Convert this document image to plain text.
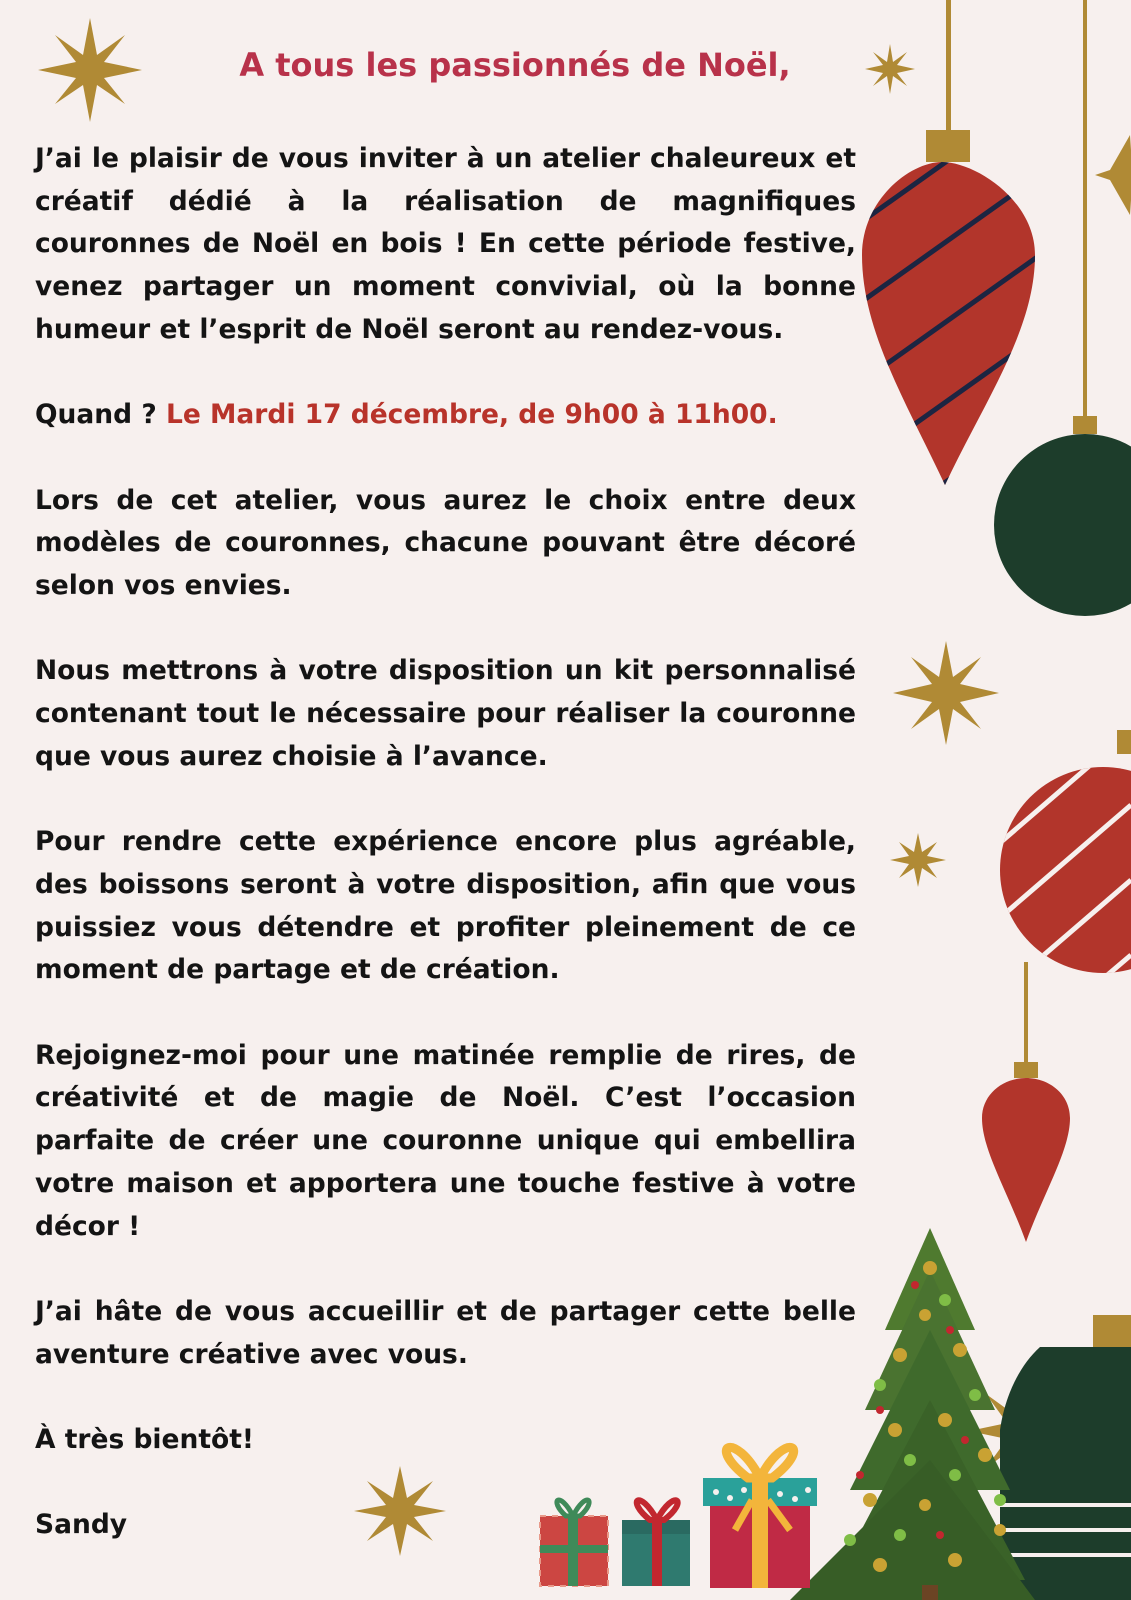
A tous les passionnés de Noël,

J’ai le plaisir de vous inviter à un atelier chaleureux et créatif dédié à la réalisation de magnifiques couronnes de Noël en bois ! En cette période festive, venez partager un moment convivial, où la bonne humeur et l’esprit de Noël seront au rendez-vous.

Quand ? Le Mardi 17 décembre, de 9h00 à 11h00.

Lors de cet atelier, vous aurez le choix entre deux modèles de couronnes, chacune pouvant être décoré selon vos envies.

Nous mettrons à votre disposition un kit personnalisé contenant tout le nécessaire pour réaliser la couronne que vous aurez choisie à l’avance.

Pour rendre cette expérience encore plus agréable, des boissons seront à votre disposition, afin que vous puissiez vous détendre et profiter pleinement de ce moment de partage et de création.

Rejoignez-moi pour une matinée remplie de rires, de créativité et de magie de Noël. C’est l’occasion parfaite de créer une couronne unique qui embellira votre maison et apportera une touche festive à votre décor !

J’ai hâte de vous accueillir et de partager cette belle aventure créative avec vous.

À très bientôt!

Sandy
